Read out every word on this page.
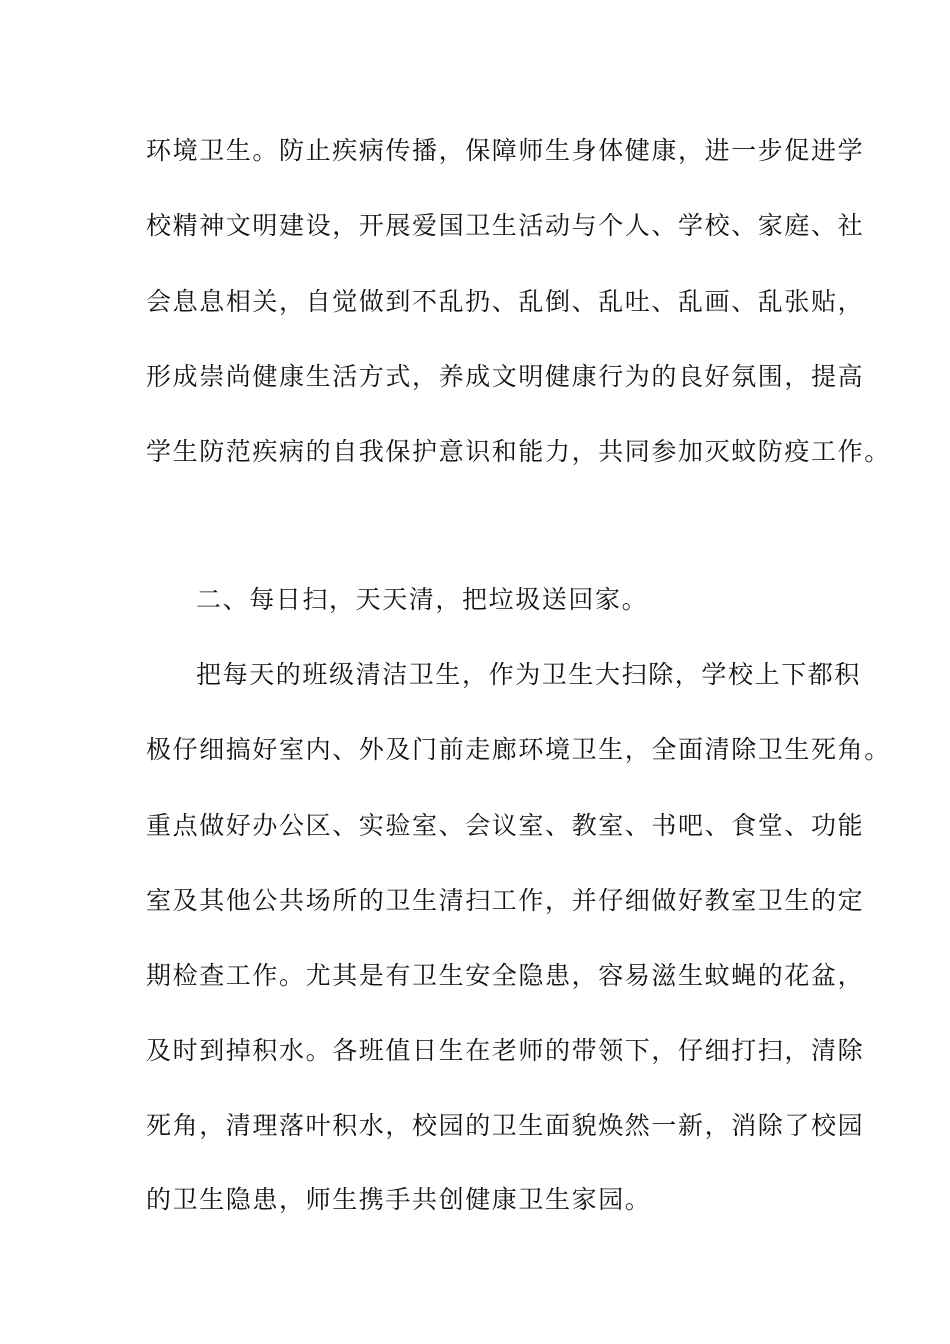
环境卫生。防止疾病传播，保障师生身体健康，进一步促进学
校精神文明建设，开展爱国卫生活动与个人、学校、家庭、社
会息息相关，自觉做到不乱扔、乱倒、乱吐、乱画、乱张贴，
形成崇尚健康生活方式，养成文明健康行为的良好氛围，提高
学生防范疾病的自我保护意识和能力，共同参加灭蚊防疫工作。
二、每日扫，天天清，把垃圾送回家。
把每天的班级清洁卫生，作为卫生大扫除，学校上下都积
极仔细搞好室内、外及门前走廊环境卫生，全面清除卫生死角。
重点做好办公区、实验室、会议室、教室、书吧、食堂、功能
室及其他公共场所的卫生清扫工作，并仔细做好教室卫生的定
期检查工作。尤其是有卫生安全隐患，容易滋生蚊蝇的花盆，
及时到掉积水。各班值日生在老师的带领下，仔细打扫，清除
死角，清理落叶积水，校园的卫生面貌焕然一新，消除了校园
的卫生隐患，师生携手共创健康卫生家园。
